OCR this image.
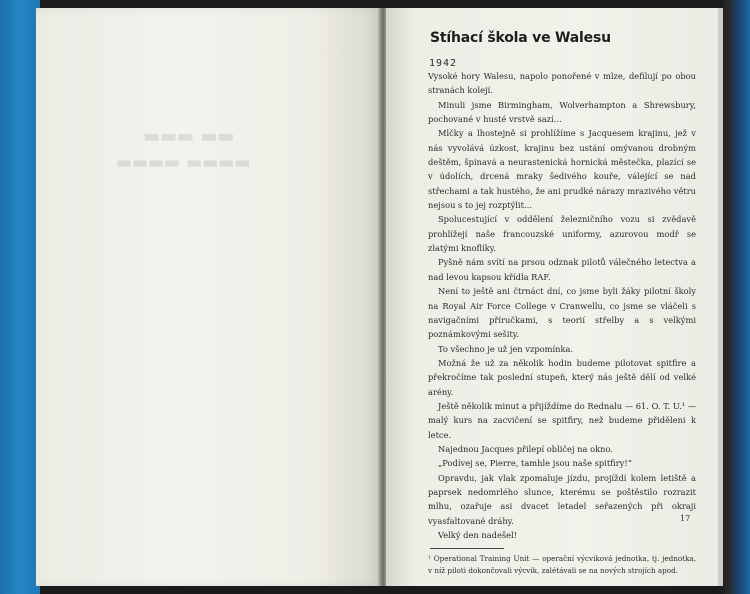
· · · · · ·
▬▬▬ ▬▬
▬▬▬▬ ▬▬▬▬
Stíhací škola ve Walesu
1942

Vysoké hory Walesu, napolo ponořené v mlze, defilují po obou stranách kolejí.

Minuli jsme Birmingham, Wolverhampton a Shrewsbury, pochované v husté vrstvě sazí…

Mlčky a lhostejně si prohlížíme s Jacquesem krajinu, jež v nás vyvolává úzkost, krajinu bez ustání omývanou drobným deštěm, špinavá a neurastenická hornická městečka, plazící se v údolích, drcená mraky šedivého kouře, válející se nad střechami a tak hustého, že ani prudké nárazy mrazivého větru nejsou s to jej rozptýlit…

Spolucestující v oddělení železničního vozu si zvědavě prohlížejí naše francouzské uniformy, azurovou modř se zlatými knoflíky.

Pyšně nám svítí na prsou odznak pilotů válečného letectva a nad levou kapsou křídla RAF.

Není to ještě ani čtrnáct dní, co jsme byli žáky pilotní školy na Royal Air Force College v Cranwellu, co jsme se vláčeli s navigačními příručkami, s teorií střelby a s velkými poznámkovými sešity.

To všechno je už jen vzpomínka.

Možná že už za několik hodin budeme pilotovat spitfire a překročíme tak poslední stupeň, který nás ještě dělí od velké arény.

Ještě několik minut a přijíždíme do Rednalu — 61. O. T. U.¹ — malý kurs na zacvičení se spitfiry, než budeme přiděleni k letce.

Najednou Jacques přilepí obličej na okno.

„Podívej se, Pierre, tamhle jsou naše spitfiry!“

Opravdu, jak vlak zpomaluje jízdu, projíždí kolem letiště a paprsek nedomrlého slunce, kterému se poštěstilo rozrazit mlhu, ozařuje asi dvacet letadel seřazených při okraji vyasfaltované dráhy.

Velký den nadešel!

¹ Operational Training Unit — operační výcviková jednotka, tj. jednotka, v níž piloti dokončovali výcvik, zalétávali se na nových strojích apod.

17
